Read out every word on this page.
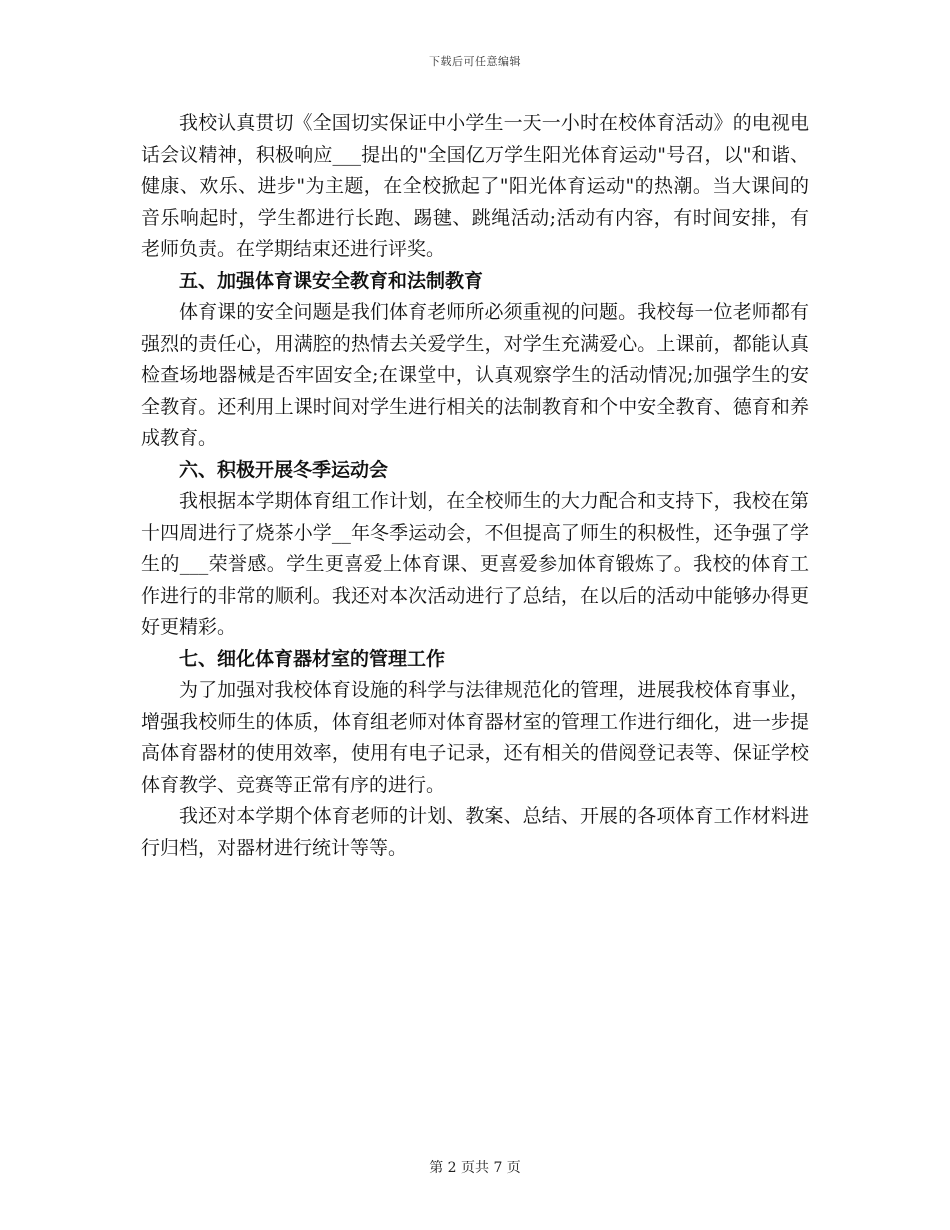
下载后可任意编辑

我校认真贯切《全国切实保证中小学生一天一小时在校体育活动》的电视电话会议精神，积极响应___提出的"全国亿万学生阳光体育运动"号召，以"和谐、健康、欢乐、进步"为主题，在全校掀起了"阳光体育运动"的热潮。当大课间的音乐响起时，学生都进行长跑、踢毽、跳绳活动;活动有内容，有时间安排，有老师负责。在学期结束还进行评奖。

五、加强体育课安全教育和法制教育

体育课的安全问题是我们体育老师所必须重视的问题。我校每一位老师都有强烈的责任心，用满腔的热情去关爱学生，对学生充满爱心。上课前，都能认真检查场地器械是否牢固安全;在课堂中，认真观察学生的活动情况;加强学生的安全教育。还利用上课时间对学生进行相关的法制教育和个中安全教育、德育和养成教育。

六、积极开展冬季运动会

我根据本学期体育组工作计划，在全校师生的大力配合和支持下，我校在第十四周进行了烧茶小学__年冬季运动会，不但提高了师生的积极性，还争强了学生的___荣誉感。学生更喜爱上体育课、更喜爱参加体育锻炼了。我校的体育工作进行的非常的顺利。我还对本次活动进行了总结，在以后的活动中能够办得更好更精彩。

七、细化体育器材室的管理工作

为了加强对我校体育设施的科学与法律规范化的管理，进展我校体育事业，增强我校师生的体质，体育组老师对体育器材室的管理工作进行细化，进一步提高体育器材的使用效率，使用有电子记录，还有相关的借阅登记表等、保证学校体育教学、竞赛等正常有序的进行。

我还对本学期个体育老师的计划、教案、总结、开展的各项体育工作材料进行归档，对器材进行统计等等。

第 2 页共 7 页
